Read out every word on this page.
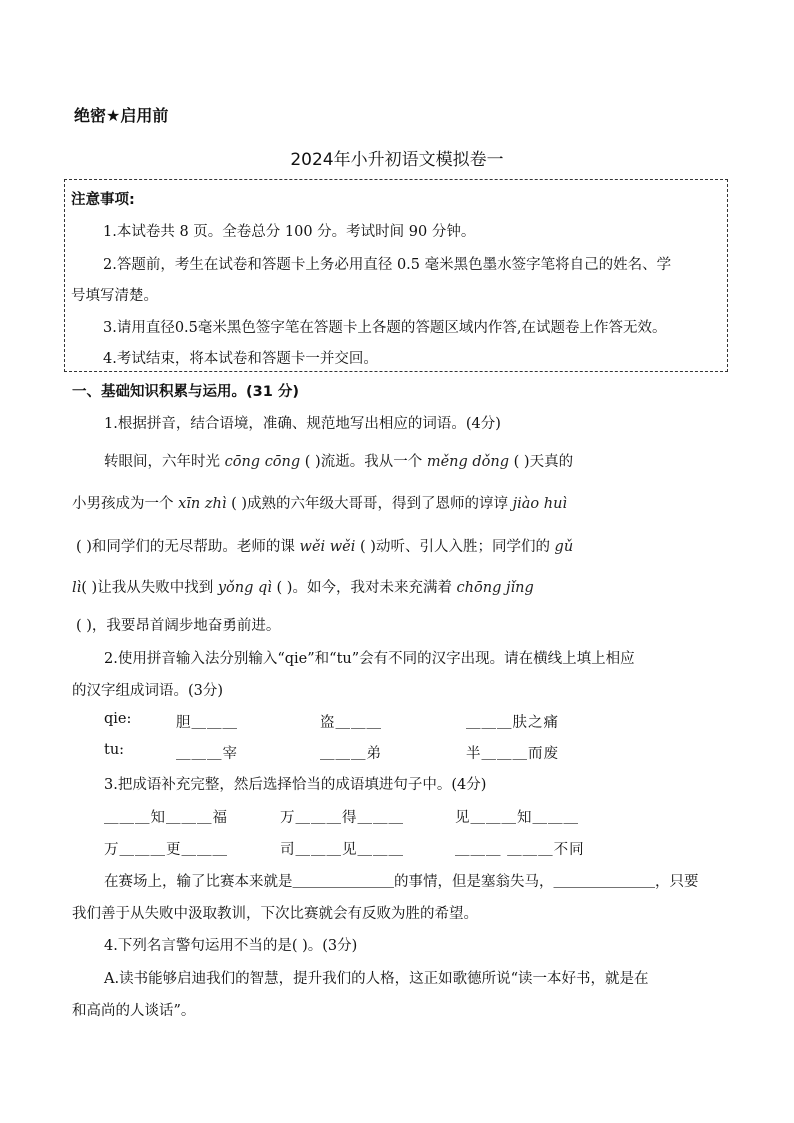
绝密★启用前
2024年小升初语文模拟卷一
注意事项:
1.本试卷共 8 页。全卷总分 100 分。考试时间 90 分钟。
2.答题前，考生在试卷和答题卡上务必用直径 0.5 毫米黑色墨水签字笔将自己的姓名、学
号填写清楚。
3.请用直径0.5毫米黑色签字笔在答题卡上各题的答题区域内作答,在试题卷上作答无效。
4.考试结束，将本试卷和答题卡一并交回。
一、基础知识积累与运用。(31 分)
1.根据拼音，结合语境，准确、规范地写出相应的词语。(4分)
转眼间，六年时光 cōng cōng ( )流逝。我从一个 měng dǒng ( )天真的
小男孩成为一个 xīn zhì ( )成熟的六年级大哥哥，得到了恩师的谆谆 jiào huì
( )和同学们的无尽帮助。老师的课 wěi wěi ( )动听、引人入胜；同学们的 gǔ
lì( )让我从失败中找到 yǒng qì ( )。如今，我对未来充满着 chōng jǐng
( )，我要昂首阔步地奋勇前进。
2.使用拼音输入法分别输入“qie”和“tu”会有不同的汉字出现。请在横线上填上相应
的汉字组成词语。(3分)
qie:	胆＿＿＿	盗＿＿＿	＿＿＿肤之痛
tu:	＿＿＿宰	＿＿＿弟	半＿＿＿而废
3.把成语补充完整，然后选择恰当的成语填进句子中。(4分)
＿＿＿知＿＿＿福	万＿＿＿得＿＿＿	见＿＿＿知＿＿＿
万＿＿＿更＿＿＿	司＿＿＿见＿＿＿	＿＿＿ ＿＿＿不同
在赛场上，输了比赛本来就是＿＿＿＿＿＿＿的事情，但是塞翁失马，＿＿＿＿＿＿＿，只要
我们善于从失败中汲取教训，下次比赛就会有反败为胜的希望。
4.下列名言警句运用不当的是( )。(3分)
A.读书能够启迪我们的智慧，提升我们的人格，这正如歌德所说“读一本好书，就是在
和高尚的人谈话”。
